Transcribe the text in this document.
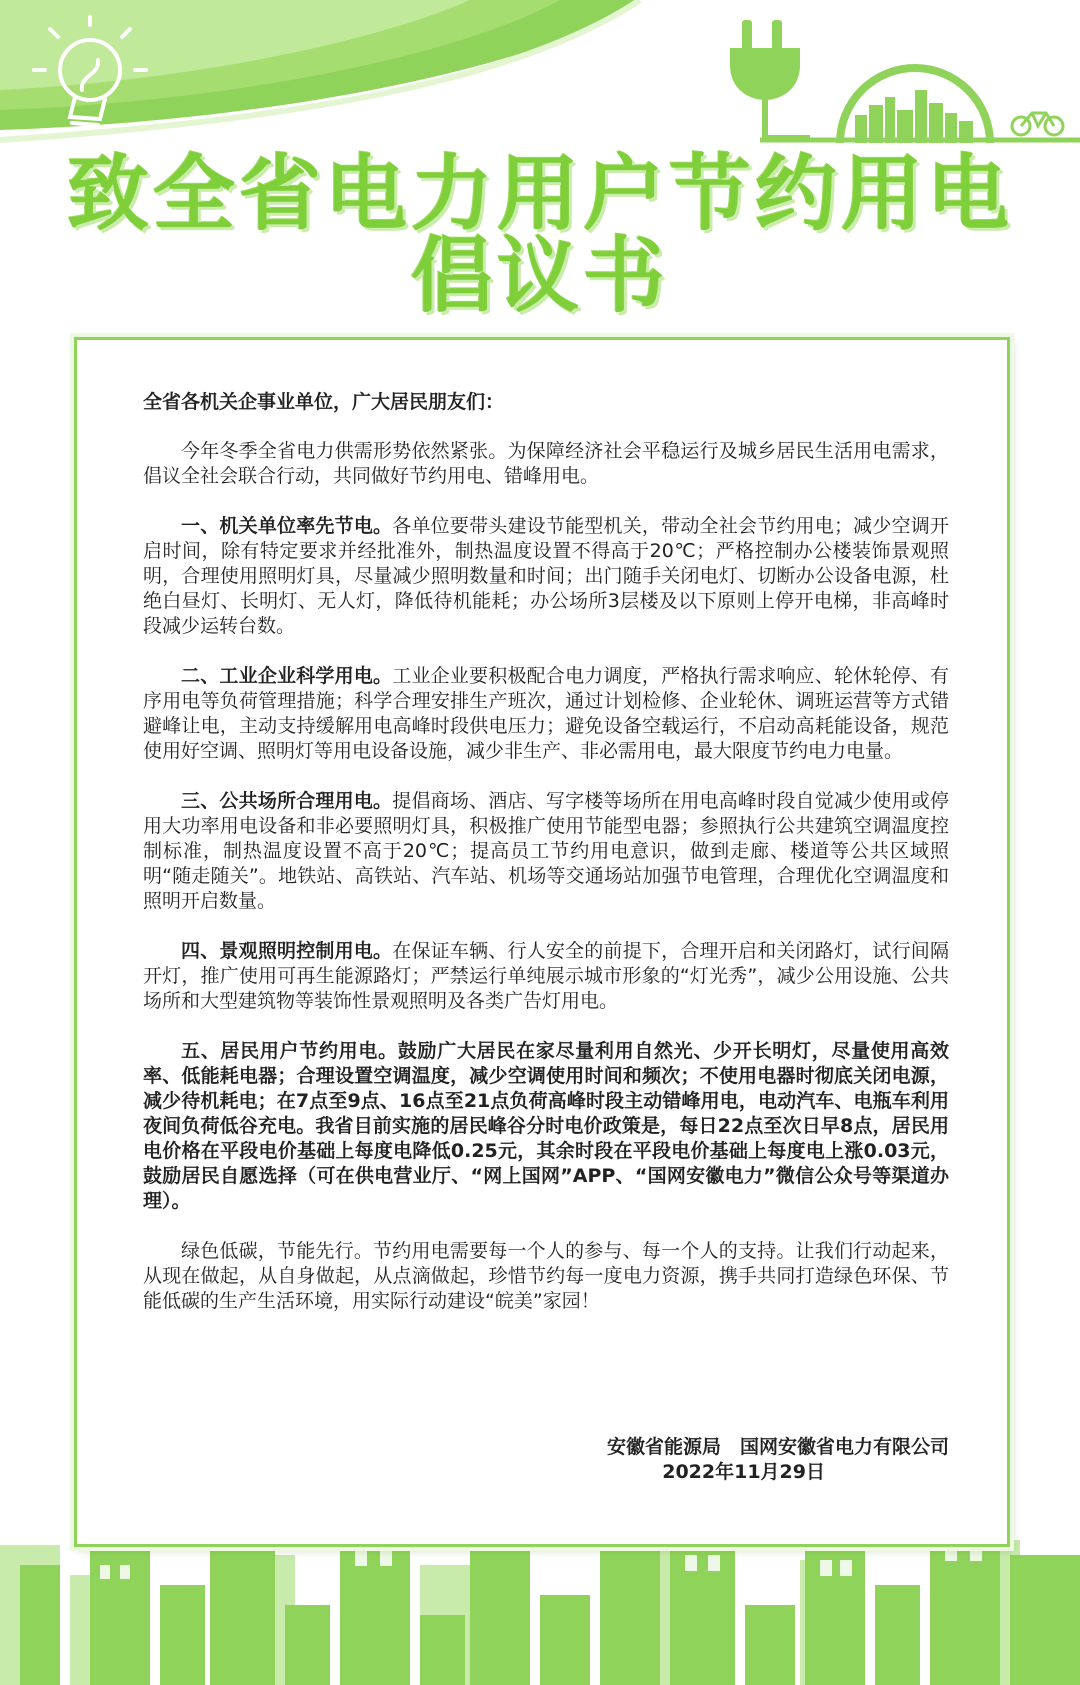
致全省电力用户节约用电
倡议书

全省各机关企事业单位，广大居民朋友们：

今年冬季全省电力供需形势依然紧张。为保障经济社会平稳运行及城乡居民生活用电需求，倡议全社会联合行动，共同做好节约用电、错峰用电。

一、机关单位率先节电。各单位要带头建设节能型机关，带动全社会节约用电；减少空调开启时间，除有特定要求并经批准外，制热温度设置不得高于20℃；严格控制办公楼装饰景观照明，合理使用照明灯具，尽量减少照明数量和时间；出门随手关闭电灯、切断办公设备电源，杜绝白昼灯、长明灯、无人灯，降低待机能耗；办公场所3层楼及以下原则上停开电梯，非高峰时段减少运转台数。

二、工业企业科学用电。工业企业要积极配合电力调度，严格执行需求响应、轮休轮停、有序用电等负荷管理措施；科学合理安排生产班次，通过计划检修、企业轮休、调班运营等方式错避峰让电，主动支持缓解用电高峰时段供电压力；避免设备空载运行，不启动高耗能设备，规范使用好空调、照明灯等用电设备设施，减少非生产、非必需用电，最大限度节约电力电量。

三、公共场所合理用电。提倡商场、酒店、写字楼等场所在用电高峰时段自觉减少使用或停用大功率用电设备和非必要照明灯具，积极推广使用节能型电器；参照执行公共建筑空调温度控制标准，制热温度设置不高于20℃；提高员工节约用电意识，做到走廊、楼道等公共区域照明“随走随关”。地铁站、高铁站、汽车站、机场等交通场站加强节电管理，合理优化空调温度和照明开启数量。

四、景观照明控制用电。在保证车辆、行人安全的前提下，合理开启和关闭路灯，试行间隔开灯，推广使用可再生能源路灯；严禁运行单纯展示城市形象的“灯光秀”，减少公用设施、公共场所和大型建筑物等装饰性景观照明及各类广告灯用电。

五、居民用户节约用电。鼓励广大居民在家尽量利用自然光、少开长明灯，尽量使用高效率、低能耗电器；合理设置空调温度，减少空调使用时间和频次；不使用电器时彻底关闭电源，减少待机耗电；在7点至9点、16点至21点负荷高峰时段主动错峰用电，电动汽车、电瓶车利用夜间负荷低谷充电。我省目前实施的居民峰谷分时电价政策是，每日22点至次日早8点，居民用电价格在平段电价基础上每度电降低0.25元，其余时段在平段电价基础上每度电上涨0.03元，鼓励居民自愿选择（可在供电营业厅、“网上国网”APP、“国网安徽电力”微信公众号等渠道办理）。

绿色低碳，节能先行。节约用电需要每一个人的参与、每一个人的支持。让我们行动起来，从现在做起，从自身做起，从点滴做起，珍惜节约每一度电力资源，携手共同打造绿色环保、节能低碳的生产生活环境，用实际行动建设“皖美”家园！

安徽省能源局　国网安徽省电力有限公司
2022年11月29日
